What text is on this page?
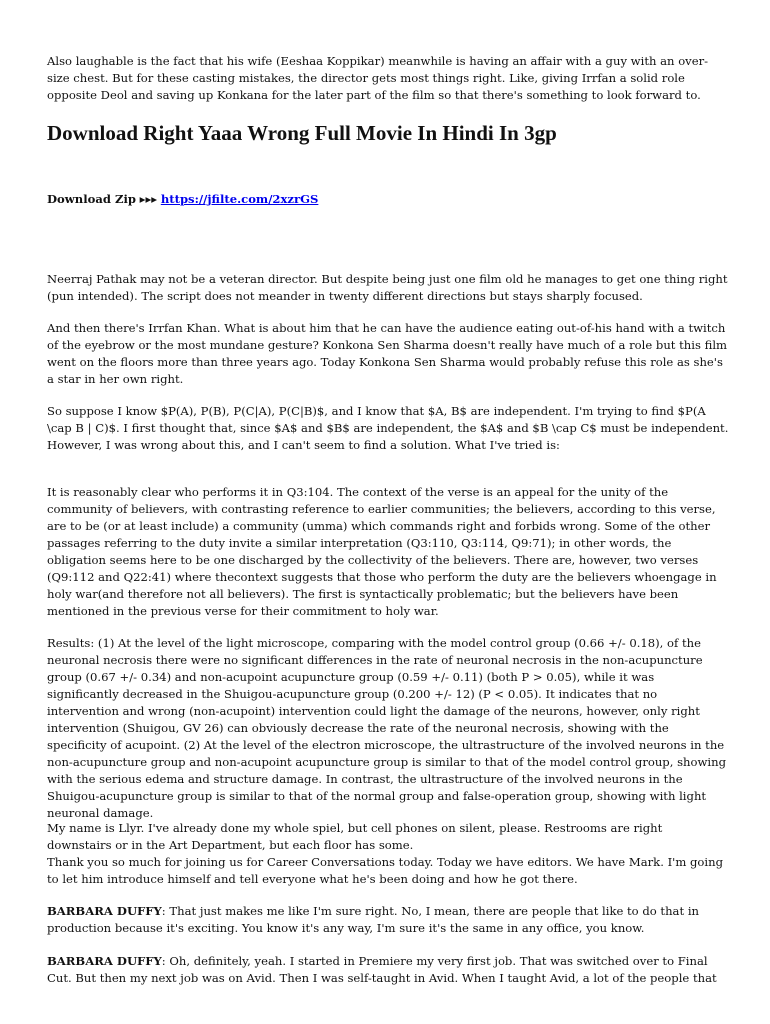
Also laughable is the fact that his wife (Eeshaa Koppikar) meanwhile is having an affair with a guy with an over-size chest. But for these casting mistakes, the director gets most things right. Like, giving Irrfan a solid role opposite Deol and saving up Konkana for the later part of the film so that there's something to look forward to.

Download Right Yaaa Wrong Full Movie In Hindi In 3gp
Download Zip ▸▸▸ https://jfilte.com/2xzrGS

Neerraj Pathak may not be a veteran director. But despite being just one film old he manages to get one thing right (pun intended). The script does not meander in twenty different directions but stays sharply focused.

And then there's Irrfan Khan. What is about him that he can have the audience eating out-of-his hand with a twitch of the eyebrow or the most mundane gesture? Konkona Sen Sharma doesn't really have much of a role but this film went on the floors more than three years ago. Today Konkona Sen Sharma would probably refuse this role as she's a star in her own right.

So suppose I know $P(A), P(B), P(C|A), P(C|B)$, and I know that $A, B$ are independent. I'm trying to find $P(A \cap B | C)$. I first thought that, since $A$ and $B$ are independent, the $A$ and $B \cap C$ must be independent. However, I was wrong about this, and I can't seem to find a solution. What I've tried is:

It is reasonably clear who performs it in Q3:104. The context of the verse is an appeal for the unity of the community of believers, with contrasting reference to earlier communities; the believers, according to this verse, are to be (or at least include) a community (umma) which commands right and forbids wrong. Some of the other passages referring to the duty invite a similar interpretation (Q3:110, Q3:114, Q9:71); in other words, the obligation seems here to be one discharged by the collectivity of the believers. There are, however, two verses (Q9:112 and Q22:41) where thecontext suggests that those who perform the duty are the believers whoengage in holy war(and therefore not all believers). The first is syntactically problematic; but the believers have been mentioned in the previous verse for their commitment to holy war.

Results: (1) At the level of the light microscope, comparing with the model control group (0.66 +/- 0.18), of the neuronal necrosis there were no significant differences in the rate of neuronal necrosis in the non-acupuncture group (0.67 +/- 0.34) and non-acupoint acupuncture group (0.59 +/- 0.11) (both P > 0.05), while it was significantly decreased in the Shuigou-acupuncture group (0.200 +/- 12) (P < 0.05). It indicates that no intervention and wrong (non-acupoint) intervention could light the damage of the neurons, however, only right intervention (Shuigou, GV 26) can obviously decrease the rate of the neuronal necrosis, showing with the specificity of acupoint. (2) At the level of the electron microscope, the ultrastructure of the involved neurons in the non-acupuncture group and non-acupoint acupuncture group is similar to that of the model control group, showing with the serious edema and structure damage. In contrast, the ultrastructure of the involved neurons in the Shuigou-acupuncture group is similar to that of the normal group and false-operation group, showing with light neuronal damage.

My name is Llyr. I've already done my whole spiel, but cell phones on silent, please. Restrooms are right downstairs or in the Art Department, but each floor has some.
Thank you so much for joining us for Career Conversations today. Today we have editors. We have Mark. I'm going to let him introduce himself and tell everyone what he's been doing and how he got there.

BARBARA DUFFY: That just makes me like I'm sure right. No, I mean, there are people that like to do that in production because it's exciting. You know it's any way, I'm sure it's the same in any office, you know.

BARBARA DUFFY: Oh, definitely, yeah. I started in Premiere my very first job. That was switched over to Final Cut. But then my next job was on Avid. Then I was self-taught in Avid. When I taught Avid, a lot of the people that
